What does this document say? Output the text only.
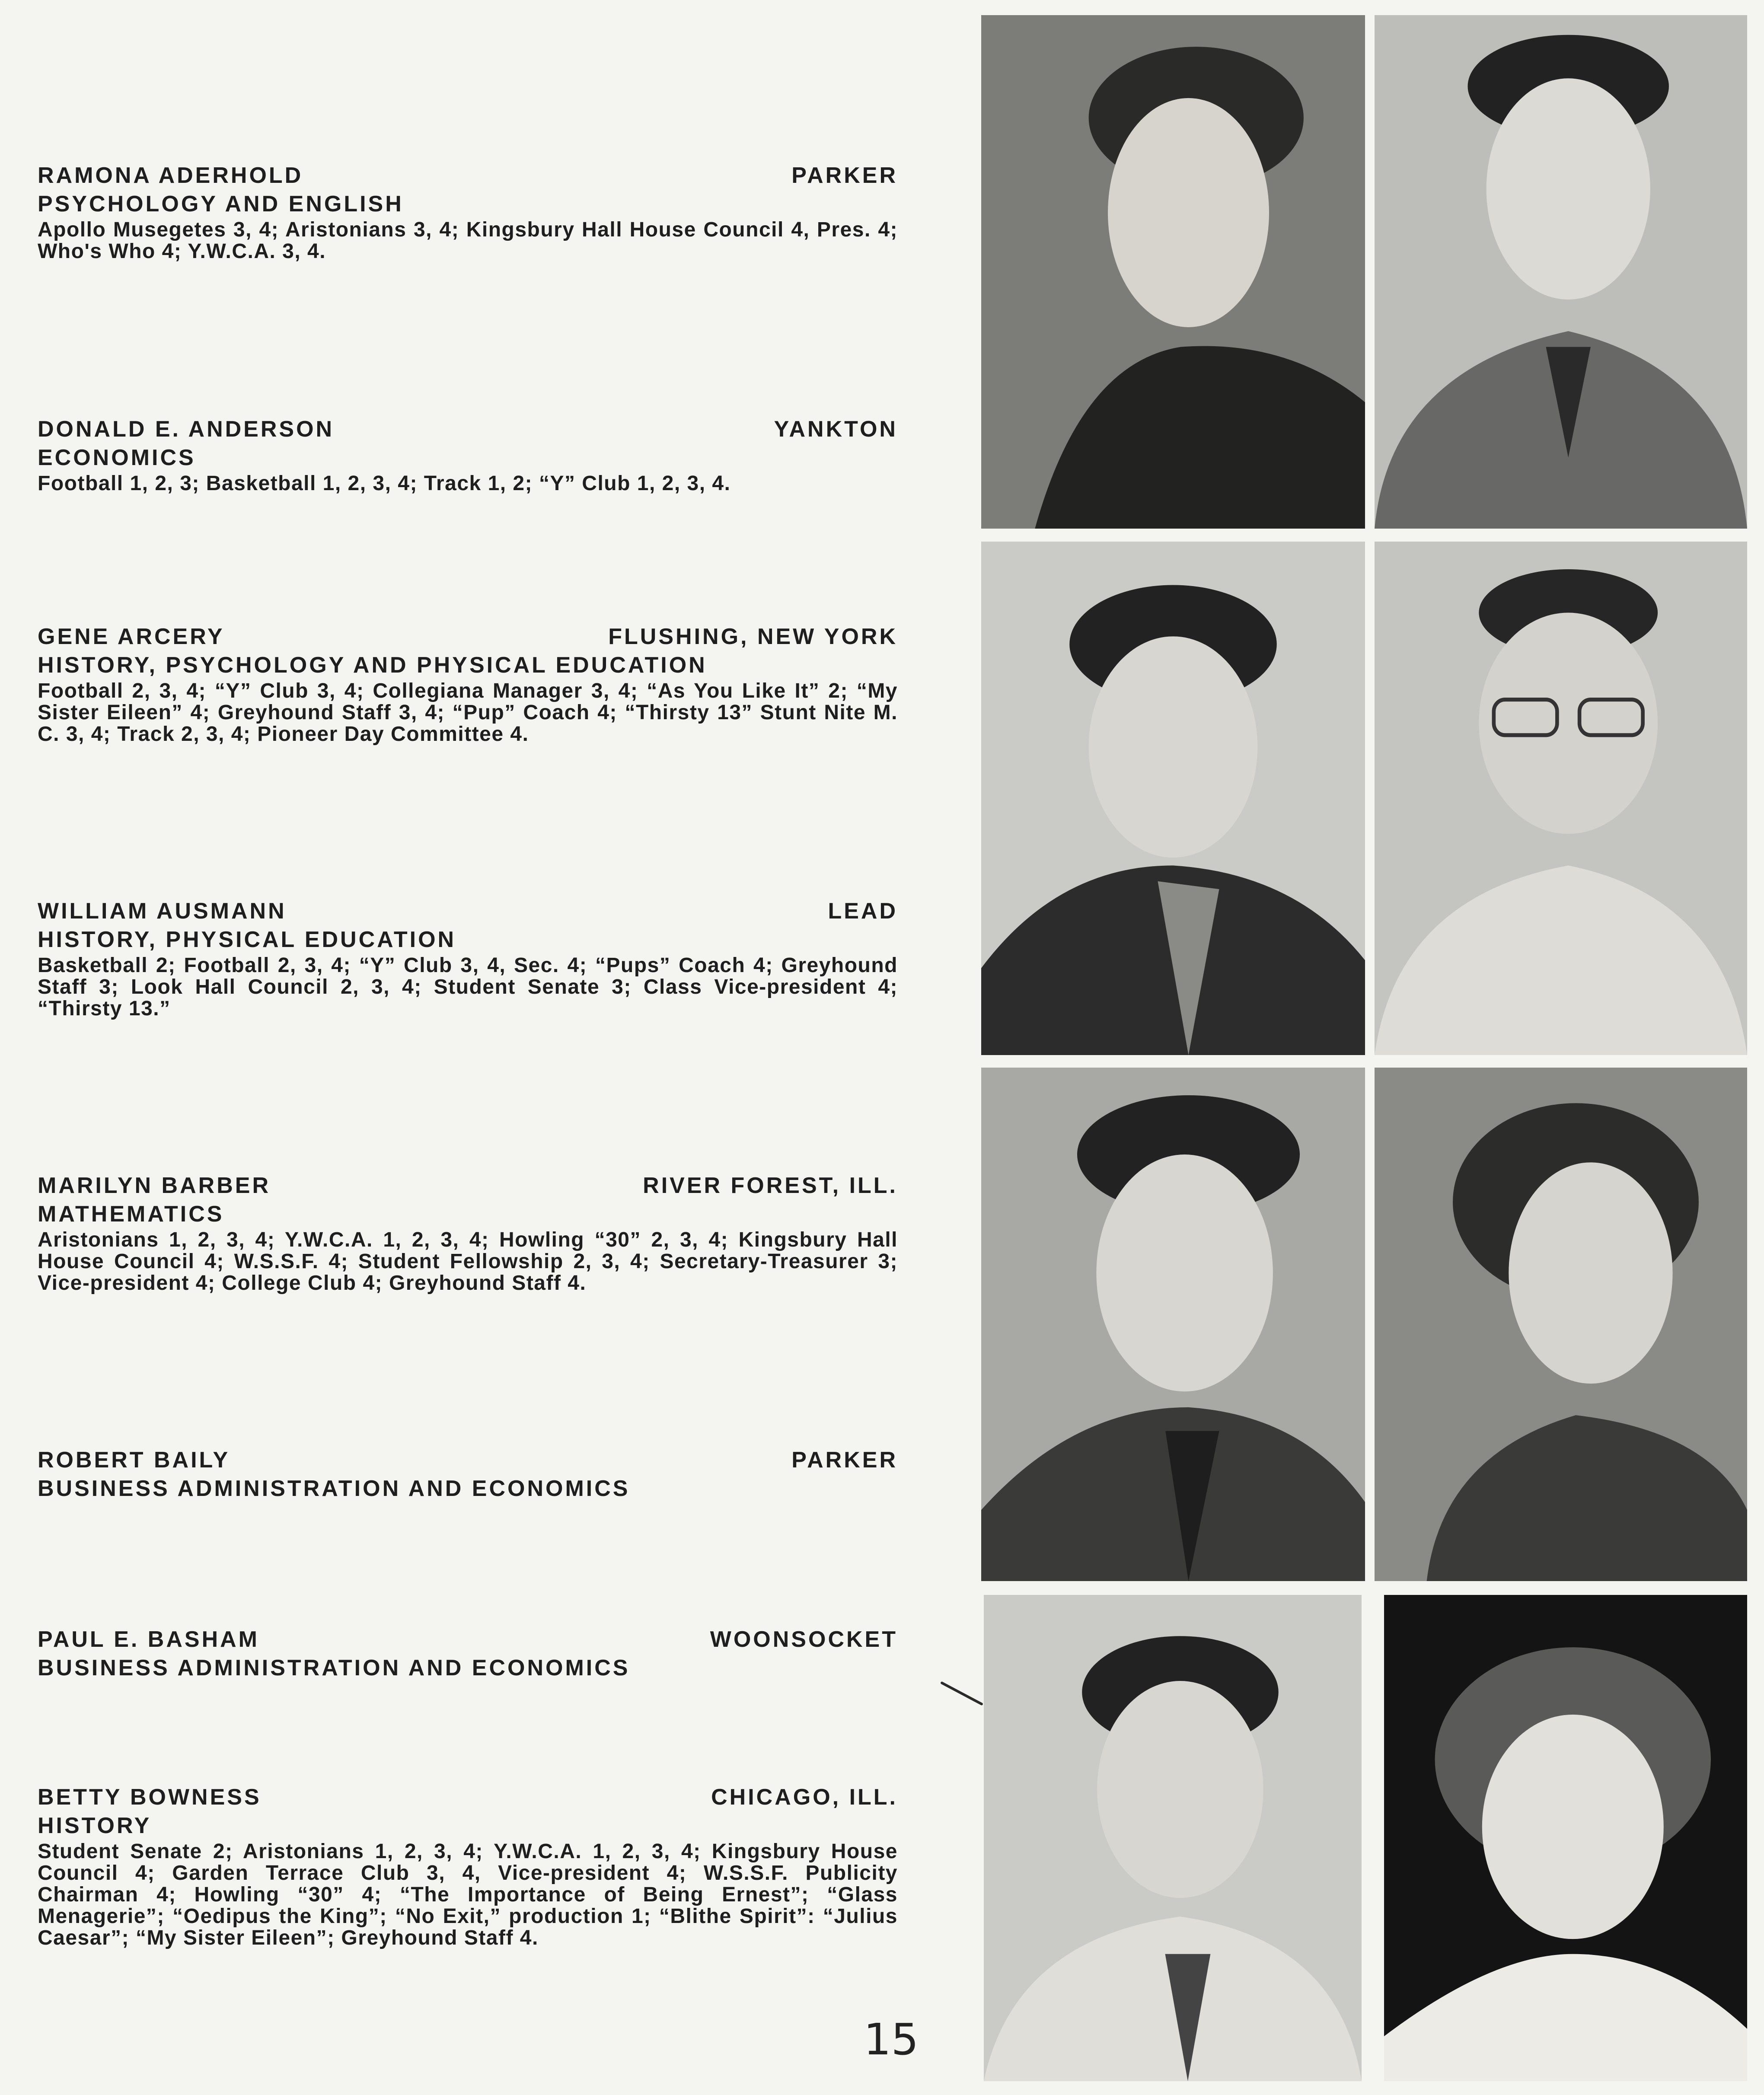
RAMONA ADERHOLD	PARKER
PSYCHOLOGY AND ENGLISH
Apollo Musegetes 3, 4; Aristonians 3, 4; Kingsbury Hall House Council 4, Pres. 4; Who's Who 4; Y.W.C.A. 3, 4.
DONALD E. ANDERSON	YANKTON
ECONOMICS
Football 1, 2, 3; Basketball 1, 2, 3, 4; Track 1, 2; “Y” Club 1, 2, 3, 4.
GENE ARCERY	FLUSHING, NEW YORK
HISTORY, PSYCHOLOGY AND PHYSICAL EDUCATION
Football 2, 3, 4; “Y” Club 3, 4; Collegiana Manager 3, 4; “As You Like It” 2; “My Sister Eileen” 4; Greyhound Staff 3, 4; “Pup” Coach 4; “Thirsty 13” Stunt Nite M. C. 3, 4; Track 2, 3, 4; Pioneer Day Committee 4.
WILLIAM AUSMANN	LEAD
HISTORY, PHYSICAL EDUCATION
Basketball 2; Football 2, 3, 4; “Y” Club 3, 4, Sec. 4; “Pups” Coach 4; Greyhound Staff 3; Look Hall Council 2, 3, 4; Student Senate 3; Class Vice-president 4; “Thirsty 13.”
MARILYN BARBER	RIVER FOREST, ILL.
MATHEMATICS
Aristonians 1, 2, 3, 4; Y.W.C.A. 1, 2, 3, 4; Howling “30” 2, 3, 4; Kingsbury Hall House Council 4; W.S.S.F. 4; Student Fellowship 2, 3, 4; Secretary-Treasurer 3; Vice-president 4; College Club 4; Greyhound Staff 4.
ROBERT BAILY	PARKER
BUSINESS ADMINISTRATION AND ECONOMICS
PAUL E. BASHAM	WOONSOCKET
BUSINESS ADMINISTRATION AND ECONOMICS
BETTY BOWNESS	CHICAGO, ILL.
HISTORY
Student Senate 2; Aristonians 1, 2, 3, 4; Y.W.C.A. 1, 2, 3, 4; Kingsbury House Council 4; Garden Terrace Club 3, 4, Vice-president 4; W.S.S.F. Publicity Chairman 4; Howling “30” 4; “The Importance of Being Ernest”; “Glass Menagerie”; “Oedipus the King”; “No Exit,” production 1; “Blithe Spirit”: “Julius Caesar”; “My Sister Eileen”; Greyhound Staff 4.
15
